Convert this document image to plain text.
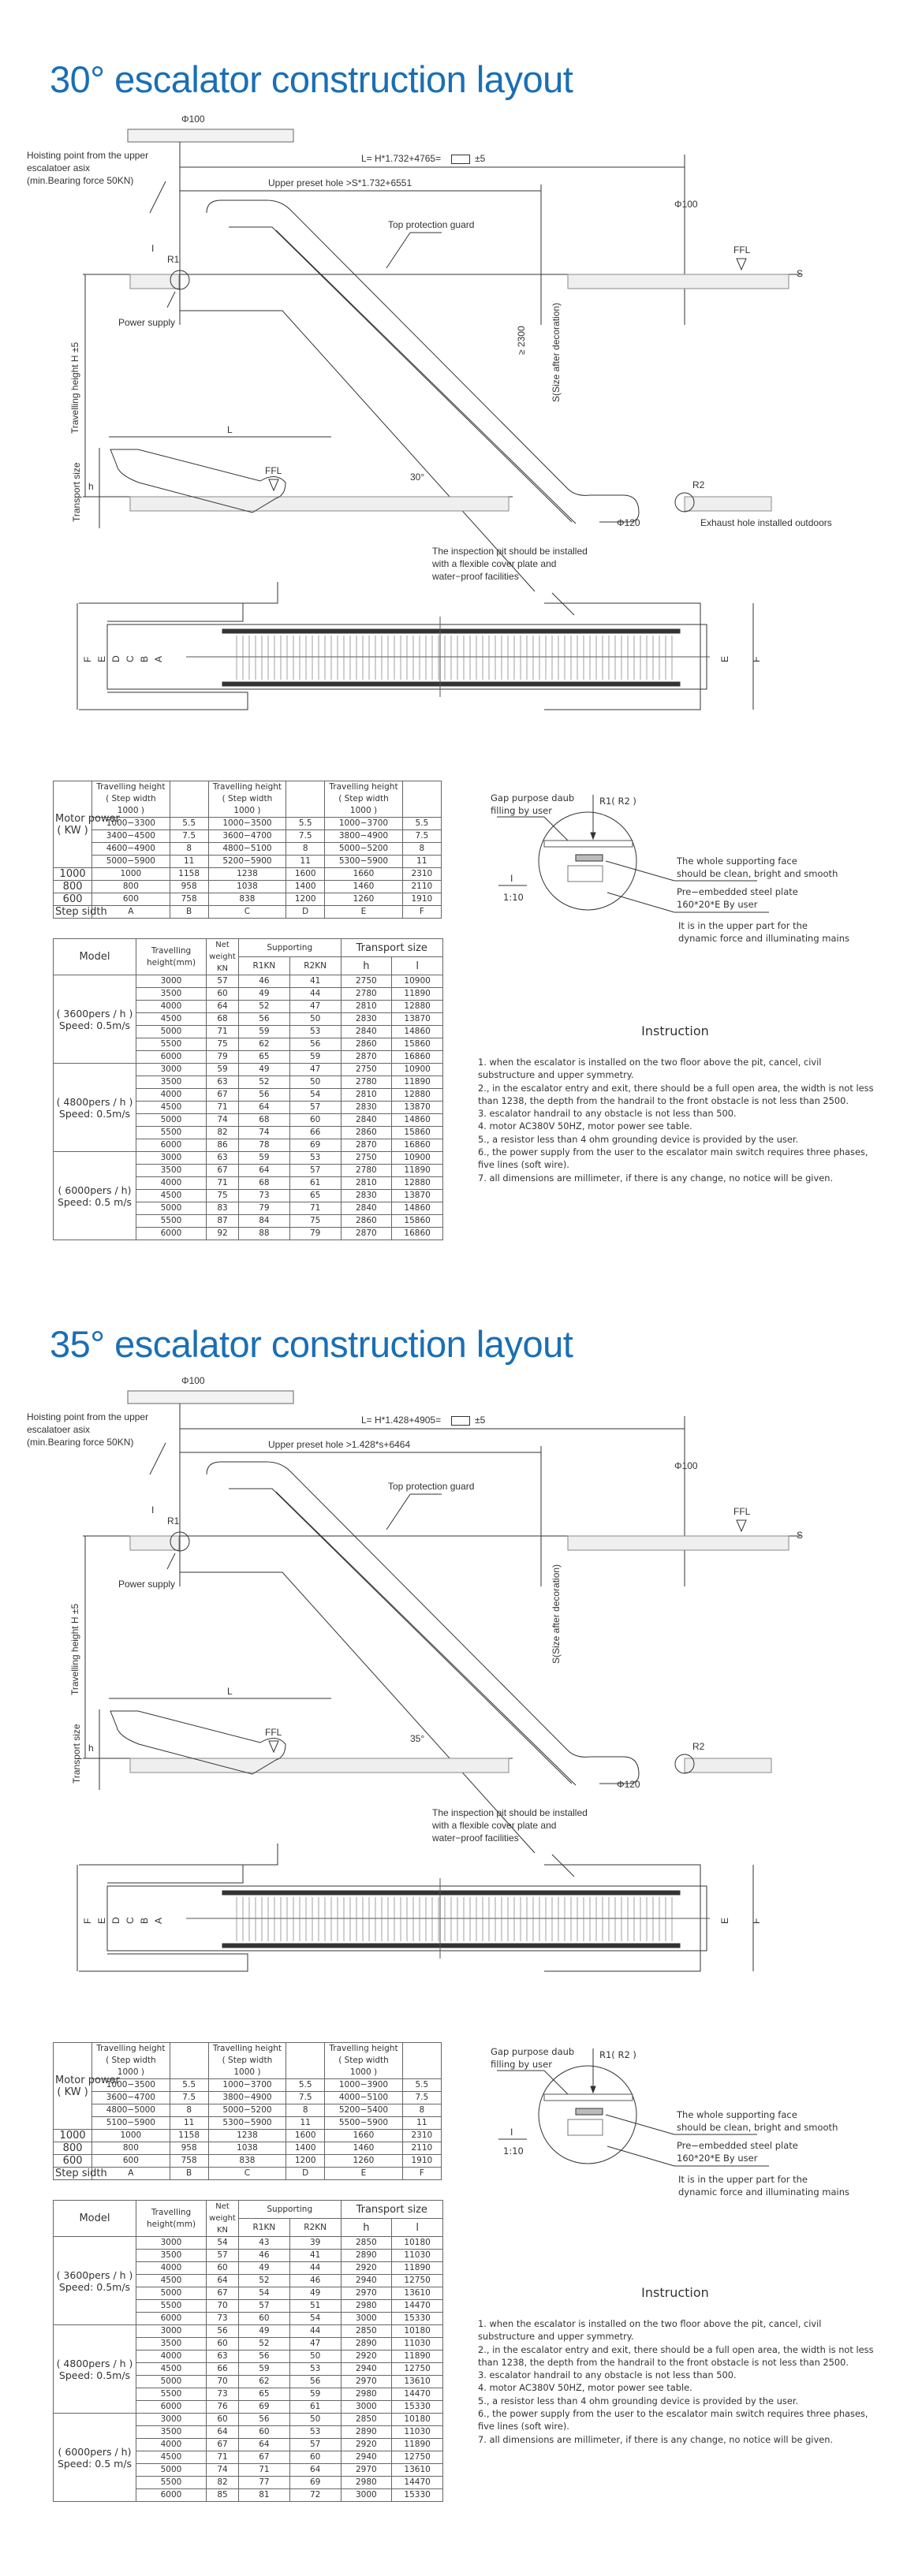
30° escalator construction layout
Φ100
Hoisting point from the upper
escalatoer asix
(min.Bearing force 50KN)
L= H*1.732+4765=	±5
Upper preset hole >S*1.732+6551
Φ100
Top protection guard
FFL
S
I
R1
Power supply
Travelling height H ±5
≥ 2300	S(Size after decoration)
30°
FFL
R2
Φ120	Exhaust hole installed outdoors
Transport size h
L
The inspection pit should be installed
with a flexible cover plate and
water−proof facilities
F E D C B A	E F
Motor power
( KW )	Travelling height
( Step width
1000 )		Travelling height
( Step width
1000 )		Travelling height
( Step width
1000 )	
	1000−3300	5.5	1000−3500	5.5	1000−3700	5.5
	3400−4500	7.5	3600−4700	7.5	3800−4900	7.5
	4600−4900	8	4800−5100	8	5000−5200	8
	5000−5900	11	5200−5900	11	5300−5900	11
1000	1000	1158	1238	1600	1660	2310
800	800	958	1038	1400	1460	2110
600	600	758	838	1200	1260	1910
Step sidth	A	B	C	D	E	F
Model	Travelling
height(mm)	Net
weight
KN	Supporting		Transport size	
			R1KN	R2KN	h	l
( 3600pers / h )
Speed: 0.5m/s	3000	57	46	41	2750	10900
	3500	60	49	44	2780	11890
	4000	64	52	47	2810	12880
	4500	68	56	50	2830	13870
	5000	71	59	53	2840	14860
	5500	75	62	56	2860	15860
	6000	79	65	59	2870	16860
( 4800pers / h )
Speed: 0.5m/s	3000	59	49	47	2750	10900
	3500	63	52	50	2780	11890
	4000	67	56	54	2810	12880
	4500	71	64	57	2830	13870
	5000	74	68	60	2840	14860
	5500	82	74	66	2860	15860
	6000	86	78	69	2870	16860
( 6000pers / h)
Speed: 0.5 m/s	3000	63	59	53	2750	10900
	3500	67	64	57	2780	11890
	4000	71	68	61	2810	12880
	4500	75	73	65	2830	13870
	5000	83	79	71	2840	14860
	5500	87	84	75	2860	15860
	6000	92	88	79	2870	16860
Gap purpose daub
filling by user
R1( R2 )
I
1:10
The whole supporting face
should be clean, bright and smooth
Pre−embedded steel plate
160*20*E By user
It is in the upper part for the
dynamic force and illuminating mains
Instruction

1. when the escalator is installed on the two floor above the pit, cancel, civil substructure and upper symmetry.

2., in the escalator entry and exit, there should be a full open area, the width is not less than 1238, the depth from the handrail to the front obstacle is not less than 2500.

3. escalator handrail to any obstacle is not less than 500.

4. motor AC380V 50HZ, motor power see table.

5., a resistor less than 4 ohm grounding device is provided by the user.

6., the power supply from the user to the escalator main switch requires three phases, five lines (soft wire).

7. all dimensions are millimeter, if there is any change, no notice will be given.

35° escalator construction layout
Φ100
Hoisting point from the upper
escalatoer asix
(min.Bearing force 50KN)
L= H*1.428+4905=	±5
Upper preset hole >1.428*s+6464
Φ100
Top protection guard
FFL
S
I
R1
Power supply
Travelling height H ±5	S(Size after decoration)
35°
FFL
R2
Φ120
Transport size h
L
The inspection pit should be installed
with a flexible cover plate and
water−proof facilities
F E D C B A	E F
Motor power
( KW )	Travelling height
( Step width
1000 )		Travelling height
( Step width
1000 )		Travelling height
( Step width
1000 )	
	1000−3500	5.5	1000−3700	5.5	1000−3900	5.5
	3600−4700	7.5	3800−4900	7.5	4000−5100	7.5
	4800−5000	8	5000−5200	8	5200−5400	8
	5100−5900	11	5300−5900	11	5500−5900	11
1000	1000	1158	1238	1600	1660	2310
800	800	958	1038	1400	1460	2110
600	600	758	838	1200	1260	1910
Step sidth	A	B	C	D	E	F
Model	Travelling
height(mm)	Net
weight
KN	Supporting		Transport size	
			R1KN	R2KN	h	l
( 3600pers / h )
Speed: 0.5m/s	3000	54	43	39	2850	10180
	3500	57	46	41	2890	11030
	4000	60	49	44	2920	11890
	4500	64	52	46	2940	12750
	5000	67	54	49	2970	13610
	5500	70	57	51	2980	14470
	6000	73	60	54	3000	15330
( 4800pers / h )
Speed: 0.5m/s	3000	56	49	44	2850	10180
	3500	60	52	47	2890	11030
	4000	63	56	50	2920	11890
	4500	66	59	53	2940	12750
	5000	70	62	56	2970	13610
	5500	73	65	59	2980	14470
	6000	76	69	61	3000	15330
( 6000pers / h)
Speed: 0.5 m/s	3000	60	56	50	2850	10180
	3500	64	60	53	2890	11030
	4000	67	64	57	2920	11890
	4500	71	67	60	2940	12750
	5000	74	71	64	2970	13610
	5500	82	77	69	2980	14470
	6000	85	81	72	3000	15330
Gap purpose daub
filling by user
R1( R2 )
I
1:10
The whole supporting face
should be clean, bright and smooth
Pre−embedded steel plate
160*20*E By user
It is in the upper part for the
dynamic force and illuminating mains
Instruction

1. when the escalator is installed on the two floor above the pit, cancel, civil substructure and upper symmetry.

2., in the escalator entry and exit, there should be a full open area, the width is not less than 1238, the depth from the handrail to the front obstacle is not less than 2500.

3. escalator handrail to any obstacle is not less than 500.

4. motor AC380V 50HZ, motor power see table.

5., a resistor less than 4 ohm grounding device is provided by the user.

6., the power supply from the user to the escalator main switch requires three phases, five lines (soft wire).

7. all dimensions are millimeter, if there is any change, no notice will be given.
